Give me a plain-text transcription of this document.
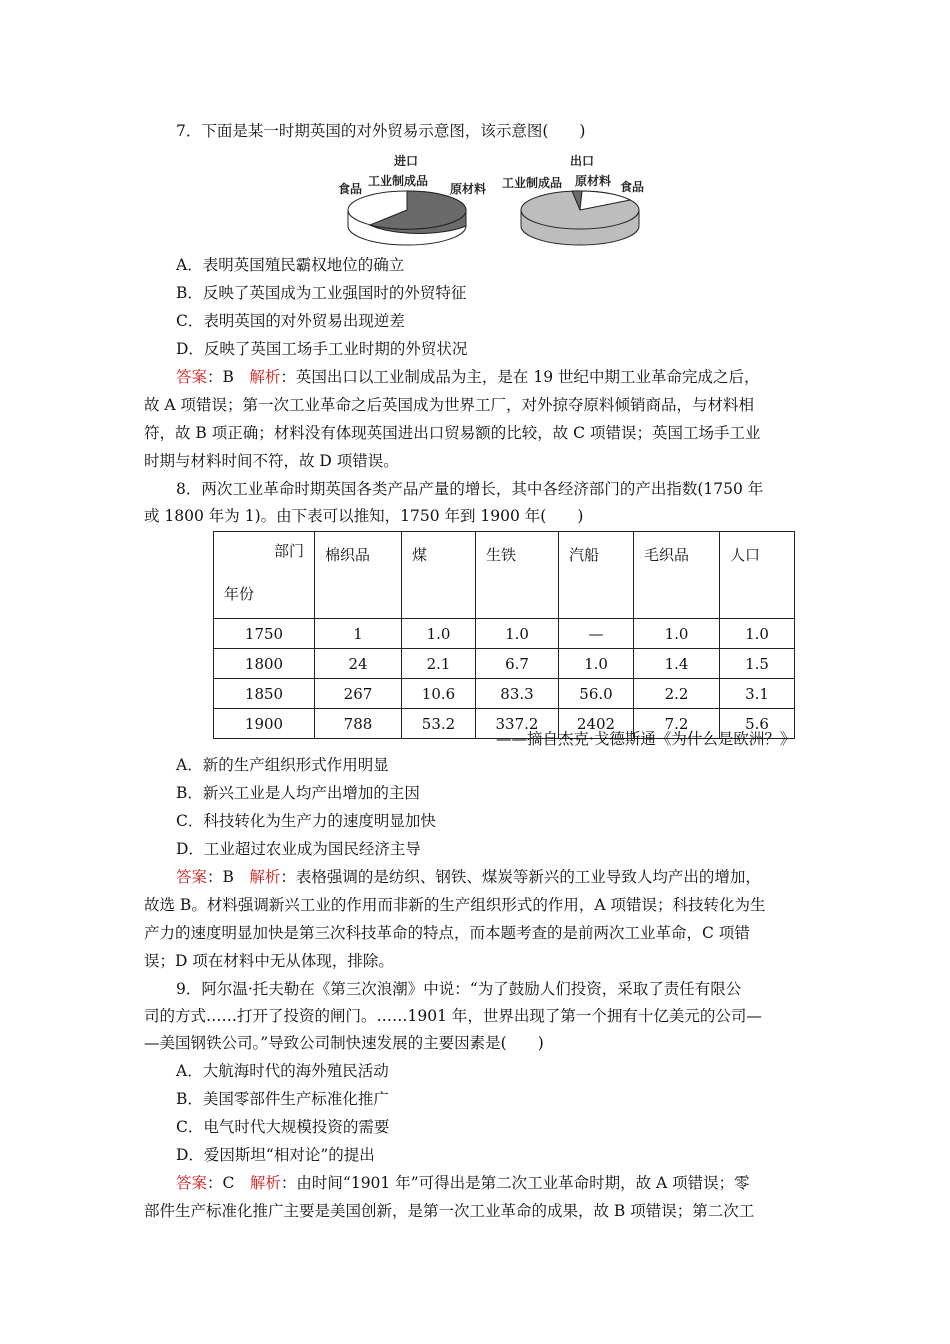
7．下面是某一时期英国的对外贸易示意图，该示意图(　　)
进口
食品
工业制成品
原材料
出口
工业制成品 原材料 食品
A．表明英国殖民霸权地位的确立
B．反映了英国成为工业强国时的外贸特征
C．表明英国的对外贸易出现逆差
D．反映了英国工场手工业时期的外贸状况
答案：B　解析：英国出口以工业制成品为主，是在 19 世纪中期工业革命完成之后，
故 A 项错误；第一次工业革命之后英国成为世界工厂，对外掠夺原料倾销商品，与材料相
符，故 B 项正确；材料没有体现英国进出口贸易额的比较，故 C 项错误；英国工场手工业
时期与材料时间不符，故 D 项错误。
8．两次工业革命时期英国各类产品产量的增长，其中各经济部门的产出指数(1750 年
或 1800 年为 1)。由下表可以推知，1750 年到 1900 年(　　)
部门
年份	棉织品	煤	生铁	汽船	毛织品	人口
1750	1	1.0	1.0	—	1.0	1.0
1800	24	2.1	6.7	1.0	1.4	1.5
1850	267	10.6	83.3	56.0	2.2	3.1
1900	788	53.2	337.2	2402	7.2	5.6
——摘自杰克·戈德斯通《为什么是欧洲？》
A．新的生产组织形式作用明显
B．新兴工业是人均产出增加的主因
C．科技转化为生产力的速度明显加快
D．工业超过农业成为国民经济主导
答案：B　解析：表格强调的是纺织、钢铁、煤炭等新兴的工业导致人均产出的增加，
故选 B。材料强调新兴工业的作用而非新的生产组织形式的作用，A 项错误；科技转化为生
产力的速度明显加快是第三次科技革命的特点，而本题考查的是前两次工业革命，C 项错
误；D 项在材料中无从体现，排除。
9．阿尔温·托夫勒在《第三次浪潮》中说：“为了鼓励人们投资，采取了责任有限公
司的方式……打开了投资的闸门。……1901 年，世界出现了第一个拥有十亿美元的公司—
—美国钢铁公司。”导致公司制快速发展的主要因素是(　　)
A．大航海时代的海外殖民活动
B．美国零部件生产标准化推广
C．电气时代大规模投资的需要
D．爱因斯坦“相对论”的提出
答案：C　解析：由时间“1901 年”可得出是第二次工业革命时期，故 A 项错误；零
部件生产标准化推广主要是美国创新，是第一次工业革命的成果，故 B 项错误；第二次工
